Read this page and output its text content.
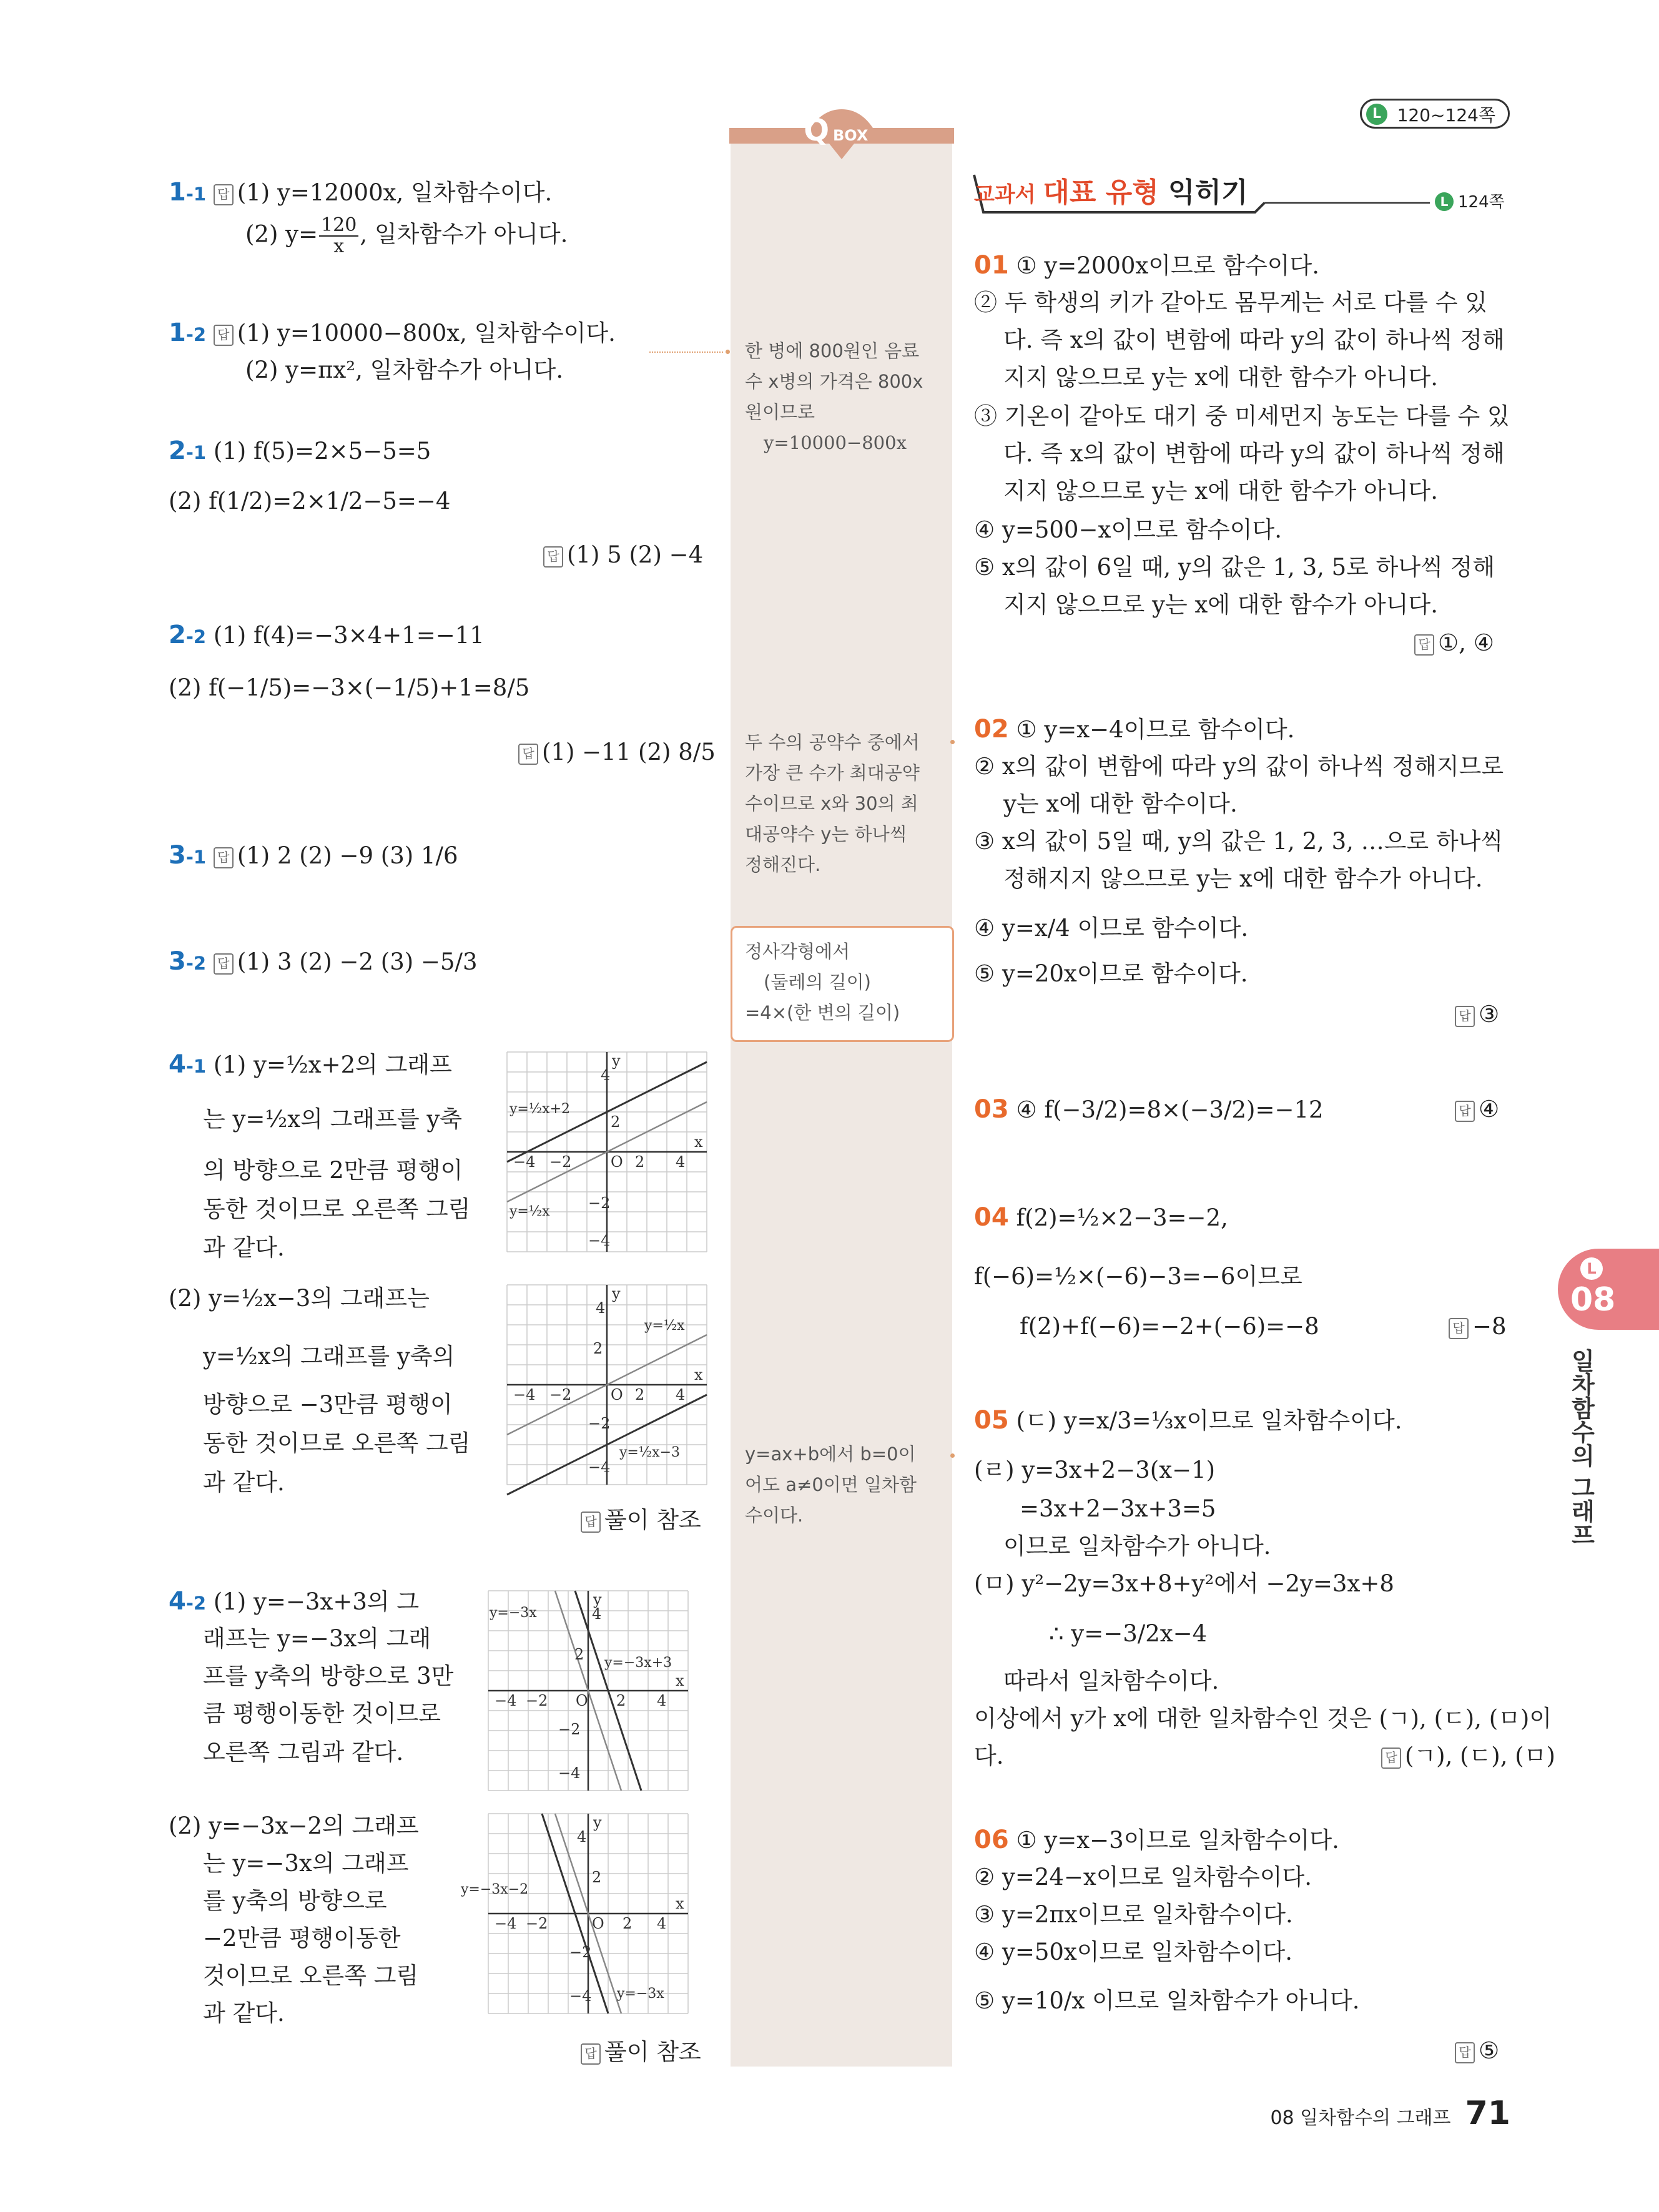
120~124쪽
L
Q BOX
한 병에 800원인 음료
수 x병의 가격은 800x
원이므로
y=10000−800x
두 수의 공약수 중에서
가장 큰 수가 최대공약
수이므로 x와 30의 최
대공약수 y는 하나씩
정해진다.
정사각형에서
(둘레의 길이)
=4×(한 변의 길이)
y=ax+b에서 b=0이
어도 a≠0이면 일차함
수이다.
1-1 답 (1) y=12000x, 일차함수이다.
(2) $y= \frac{120}{x}$ , 일차함수가 아니다.
1-2 답 (1) y=10000−800x, 일차함수이다.
(2) y=πx², 일차함수가 아니다.
2-1 (1) f(5)=2×5−5=5
(2) f(1/2)=2×1/2−5=−4
답 (1) 5 (2) −4
2-2 (1) f(4)=−3×4+1=−11
(2) f(−1/5)=−3×(−1/5)+1=8/5
답 (1) −11 (2) 8/5
3-1 답 (1) 2 (2) −9 (3) 1/6
3-2 답 (1) 3 (2) −2 (3) −5/3
4-1 (1) y=½x+2의 그래프
는 y=½x의 그래프를 y축
의 방향으로 2만큼 평행이
동한 것이므로 오른쪽 그림
과 같다.
(2) y=½x−3의 그래프는
y=½x의 그래프를 y축의
방향으로 −3만큼 평행이
동한 것이므로 오른쪽 그림
과 같다.
답 풀이 참조
y
x
O
2
4
2
−4 −2
−2
−4
4
y=½x+2
y=½x
y
x
O
2
4
2
−4 −2
−2
−4
4
y=½x
y=½x−3
4-2 (1) y=−3x+3의 그
래프는 y=−3x의 그래
프를 y축의 방향으로 3만
큼 평행이동한 것이므로
오른쪽 그림과 같다.
(2) y=−3x−2의 그래프
는 y=−3x의 그래프
를 y축의 방향으로
−2만큼 평행이동한
것이므로 오른쪽 그림
과 같다.
답 풀이 참조
y
x
O
2
4
2
−4 −2
−2
−4
4
y=−3x
y=−3x+3
y
x
O
2
4
2
−4 −2
−2
−4
4
y=−3x−2
y=−3x
교과서 대표 유형 익히기	L 124쪽
01 ① y=2000x이므로 함수이다.
② 두 학생의 키가 같아도 몸무게는 서로 다를 수 있
다. 즉 x의 값이 변함에 따라 y의 값이 하나씩 정해
지지 않으므로 y는 x에 대한 함수가 아니다.
③ 기온이 같아도 대기 중 미세먼지 농도는 다를 수 있
다. 즉 x의 값이 변함에 따라 y의 값이 하나씩 정해
지지 않으므로 y는 x에 대한 함수가 아니다.
④ y=500−x이므로 함수이다.
⑤ x의 값이 6일 때, y의 값은 1, 3, 5로 하나씩 정해
지지 않으므로 y는 x에 대한 함수가 아니다.
답 ①, ④
02 ① y=x−4이므로 함수이다.
② x의 값이 변함에 따라 y의 값이 하나씩 정해지므로
y는 x에 대한 함수이다.
③ x의 값이 5일 때, y의 값은 1, 2, 3, …으로 하나씩
정해지지 않으므로 y는 x에 대한 함수가 아니다.
④ y=x/4 이므로 함수이다.
⑤ y=20x이므로 함수이다.
답 ③
03 ④ f(−3/2)=8×(−3/2)=−12	답 ④
04 f(2)=½×2−3=−2,
f(−6)=½×(−6)−3=−6이므로
f(2)+f(−6)=−2+(−6)=−8	답 −8
05 (ㄷ) y=x/3=⅓x이므로 일차함수이다.
(ㄹ) y=3x+2−3(x−1)
=3x+2−3x+3=5
이므로 일차함수가 아니다.
(ㅁ) y²−2y=3x+8+y²에서 −2y=3x+8
∴ y=−3/2x−4
따라서 일차함수이다.
이상에서 y가 x에 대한 일차함수인 것은 (ㄱ), (ㄷ), (ㅁ)이
다.	답 (ㄱ), (ㄷ), (ㅁ)
06 ① y=x−3이므로 일차함수이다.
② y=24−x이므로 일차함수이다.
③ y=2πx이므로 일차함수이다.
④ y=50x이므로 일차함수이다.
⑤ y=10/x 이므로 일차함수가 아니다.
답 ⑤
L
08
일차함수의 그래프
08 일차함수의 그래프 71
